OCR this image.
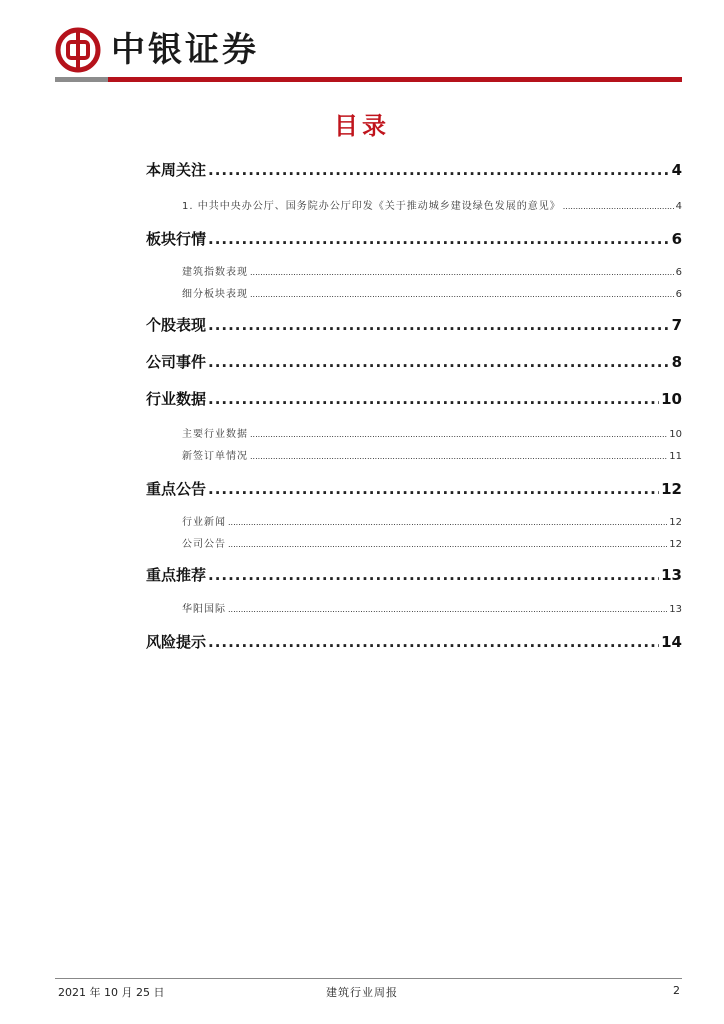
中银证券
目录
本周关注 .....	4
1. 中共中央办公厅、国务院办公厅印发《关于推动城乡建设绿色发展的意见》 .....	4
板块行情 .....	6
建筑指数表现 .....	6
细分板块表现 .....	6
个股表现 .....	7
公司事件 .....	8
行业数据 .....	10
主要行业数据 .....	10
新签订单情况 .....	11
重点公告 .....	12
行业新闻 .....	12
公司公告 .....	12
重点推荐 .....	13
华阳国际 .....	13
风险提示 .....	14
2021 年 10 月 25 日	建筑行业周报	2
